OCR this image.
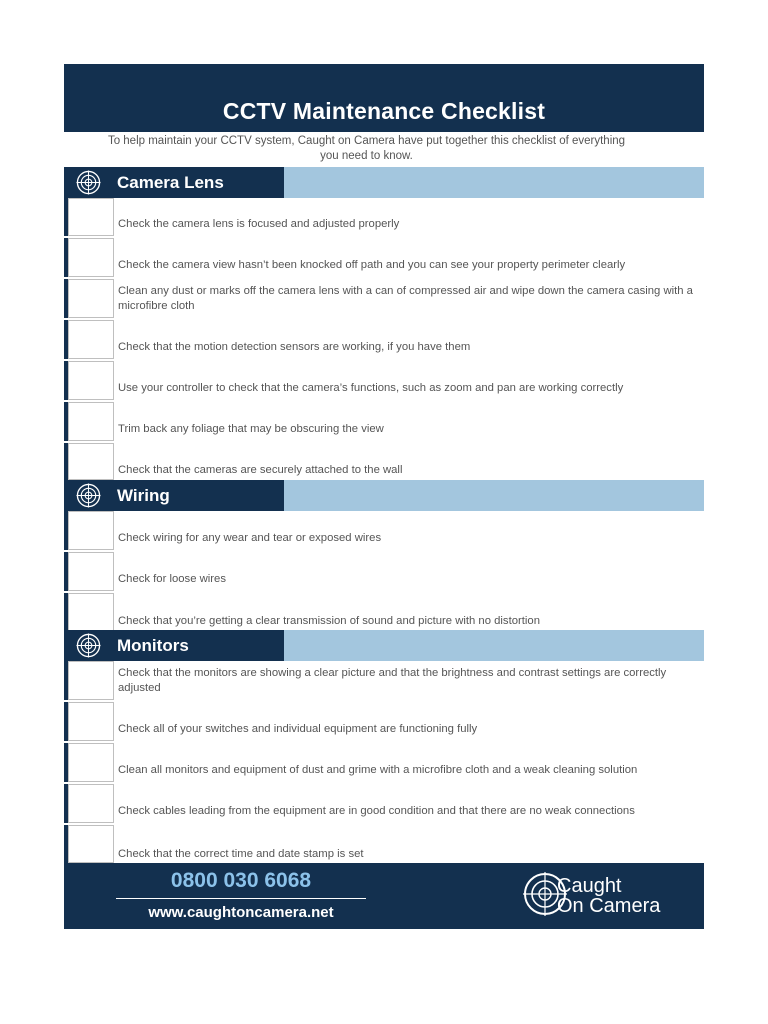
CCTV Maintenance Checklist
To help maintain your CCTV system, Caught on Camera have put together this checklist of everything you need to know.
Camera Lens
Check the camera lens is focused and adjusted properly
Check the camera view hasn’t been knocked off path and you can see your property perimeter clearly
Clean any dust or marks off the camera lens with a can of compressed air and wipe down the camera casing with a microfibre cloth
Check that the motion detection sensors are working, if you have them
Use your controller to check that the camera’s functions, such as zoom and pan are working correctly
Trim back any foliage that may be obscuring the view
Check that the cameras are securely attached to the wall
Wiring
Check wiring for any wear and tear or exposed wires
Check for loose wires
Check that you’re getting a clear transmission of sound and picture with no distortion
Monitors
Check that the monitors are showing a clear picture and that the brightness and contrast settings are correctly adjusted
Check all of your switches and individual equipment are functioning fully
Clean all monitors and equipment of dust and grime with a microfibre cloth and a weak cleaning solution
Check cables leading from the equipment are in good condition and that there are no weak connections
Check that the correct time and date stamp is set
0800 030 6068
www.caughtoncamera.net
Caught
On Camera
